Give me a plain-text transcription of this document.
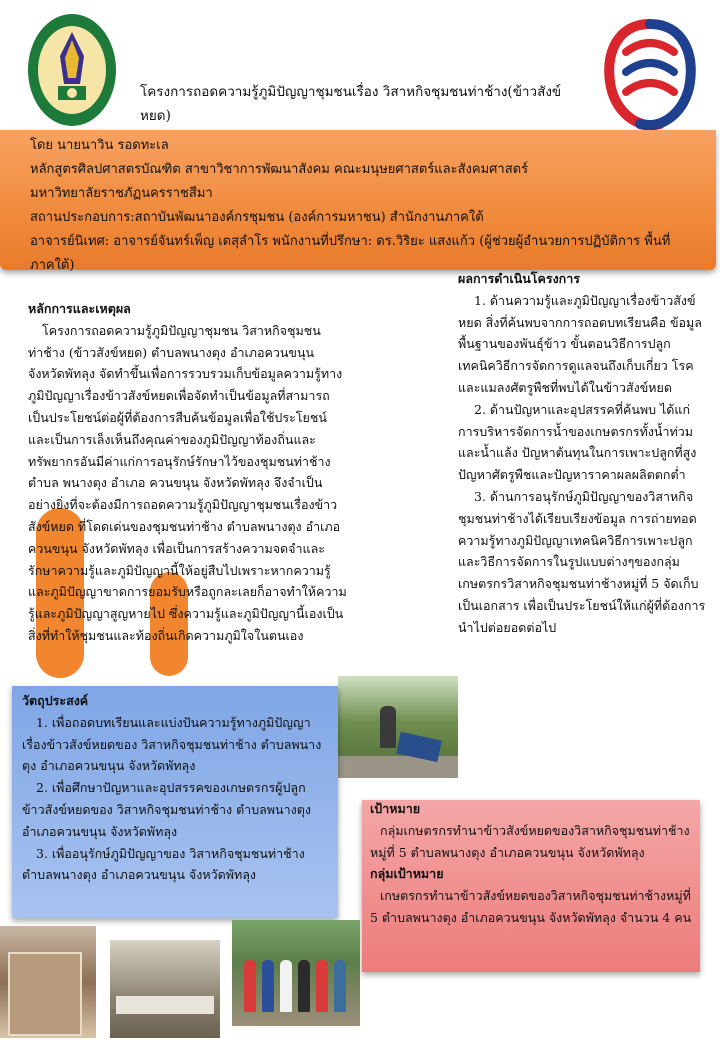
โครงการถอดความรู้ภูมิปัญญาชุมชนเรื่อง วิสาหกิจชุมชนท่าช้าง(ข้าวสังข์หยด)
โดย นายนาวิน รอดทะเล
หลักสูตรศิลปศาสตรบัณฑิต สาขาวิชาการพัฒนาสังคม คณะมนุษยศาสตร์และสังคมศาสตร์
มหาวิทยาลัยราชภัฏนครราชสีมา
สถานประกอบการ:สถาบันพัฒนาองค์กรชุมชน (องค์การมหาชน) สำนักงานภาคใต้
อาจารย์นิเทศ: อาจารย์จันทร์เพ็ญ เตสุลำโร พนักงานที่ปรึกษา: ดร.วิริยะ แสงแก้ว (ผู้ช่วยผู้อำนวยการปฏิบัติการ พื้นที่ภาคใต้)
หลักการและเหตุผล

โครงการถอดความรู้ภูมิปัญญาชุมชน วิสาหกิจชุมชนท่าช้าง (ข้าวสังข์หยด) ตำบลพนางตุง อำเภอควนขนุน จังหวัดพัทลุง จัดทำขึ้นเพื่อการรวบรวมเก็บข้อมูลความรู้ทางภูมิปัญญาเรื่องข้าวสังข์หยดเพื่อจัดทำเป็นข้อมูลที่สามารถเป็นประโยชน์ต่อผู้ที่ต้องการสืบค้นข้อมูลเพื่อใช้ประโยชน์และเป็นการเล็งเห็นถึงคุณค่าของภูมิปัญญาท้องถิ่นและทรัพยากรอันมีค่าแก่การอนุรักษ์รักษาไว้ของชุมชนท่าช้าง ตำบล พนางตุง อำเภอ ควนขนุน จังหวัดพัทลุง จึงจำเป็นอย่างยิ่งที่จะต้องมีการถอดความรู้ภูมิปัญญาชุมชนเรื่องข้าวสังข์หยด ที่โดดเด่นของชุมชนท่าช้าง ตำบลพนางตุง อำเภอ ควนขนุน จังหวัดพัทลุง เพื่อเป็นการสร้างความจดจำและรักษาความรู้และภูมิปัญญานี้ให้อยู่สืบไปเพราะหากความรู้และภูมิปัญญาขาดการยอมรับหรือถูกละเลยก็อาจทำให้ความรู้และภูมิปัญญาสูญหายไป ซึ่งความรู้และภูมิปัญญานี้เองเป็นสิ่งที่ทำให้ชุมชนและท้องถิ่นเกิดความภูมิใจในตนเอง

ผลการดำเนินโครงการ

1. ด้านความรู้และภูมิปัญญาเรื่องข้าวสังข์หยด สิ่งที่ค้นพบจากการถอดบทเรียนคือ ข้อมูลพื้นฐานของพันธุ์ข้าว ขั้นตอนวิธีการปลูก เทคนิควิธีการจัดการดูแลจนถึงเก็บเกี่ยว โรคและแมลงศัตรูพืชที่พบได้ในข้าวสังข์หยด

2. ด้านปัญหาและอุปสรรคที่ค้นพบ ได้แก่ การบริหารจัดการน้ำของเกษตรกรทั้งน้ำท่วมและน้ำแล้ง ปัญหาต้นทุนในการเพาะปลูกที่สูง ปัญหาศัตรูพืชและปัญหาราคาผลผลิตตกต่ำ

3. ด้านการอนุรักษ์ภูมิปัญญาของวิสาหกิจชุมชนท่าช้างได้เรียบเรียงข้อมูล การถ่ายทอดความรู้ทางภูมิปัญญาเทคนิควิธีการเพาะปลูกและวิธีการจัดการในรูปแบบต่างๆของกลุ่มเกษตรกรวิสาหกิจชุมชนท่าช้างหมู่ที่ 5 จัดเก็บเป็นเอกสาร เพื่อเป็นประโยชน์ให้แก่ผู้ที่ต้องการนำไปต่อยอดต่อไป

วัตถุประสงค์

1. เพื่อถอดบทเรียนและแบ่งปันความรู้ทางภูมิปัญญาเรื่องข้าวสังข์หยดของ วิสาหกิจชุมชนท่าช้าง ตำบลพนางตุง อำเภอควนขนุน จังหวัดพัทลุง

2. เพื่อศึกษาปัญหาและอุปสรรคของเกษตรกรผู้ปลูกข้าวสังข์หยดของ วิสาหกิจชุมชนท่าช้าง ตำบลพนางตุง อำเภอควนขนุน จังหวัดพัทลุง

3. เพื่ออนุรักษ์ภูมิปัญญาของ วิสาหกิจชุมชนท่าช้าง ตำบลพนางตุง อำเภอควนขนุน จังหวัดพัทลุง

เป้าหมาย

กลุ่มเกษตรกรทำนาข้าวสังข์หยดของวิสาหกิจชุมชนท่าช้างหมู่ที่ 5 ตำบลพนางตุง อำเภอควนขนุน จังหวัดพัทลุง

กลุ่มเป้าหมาย

เกษตรกรทำนาข้าวสังข์หยดของวิสาหกิจชุมชนท่าช้างหมู่ที่ 5 ตำบลพนางตุง อำเภอควนขนุน จังหวัดพัทลุง จำนวน 4 คน
